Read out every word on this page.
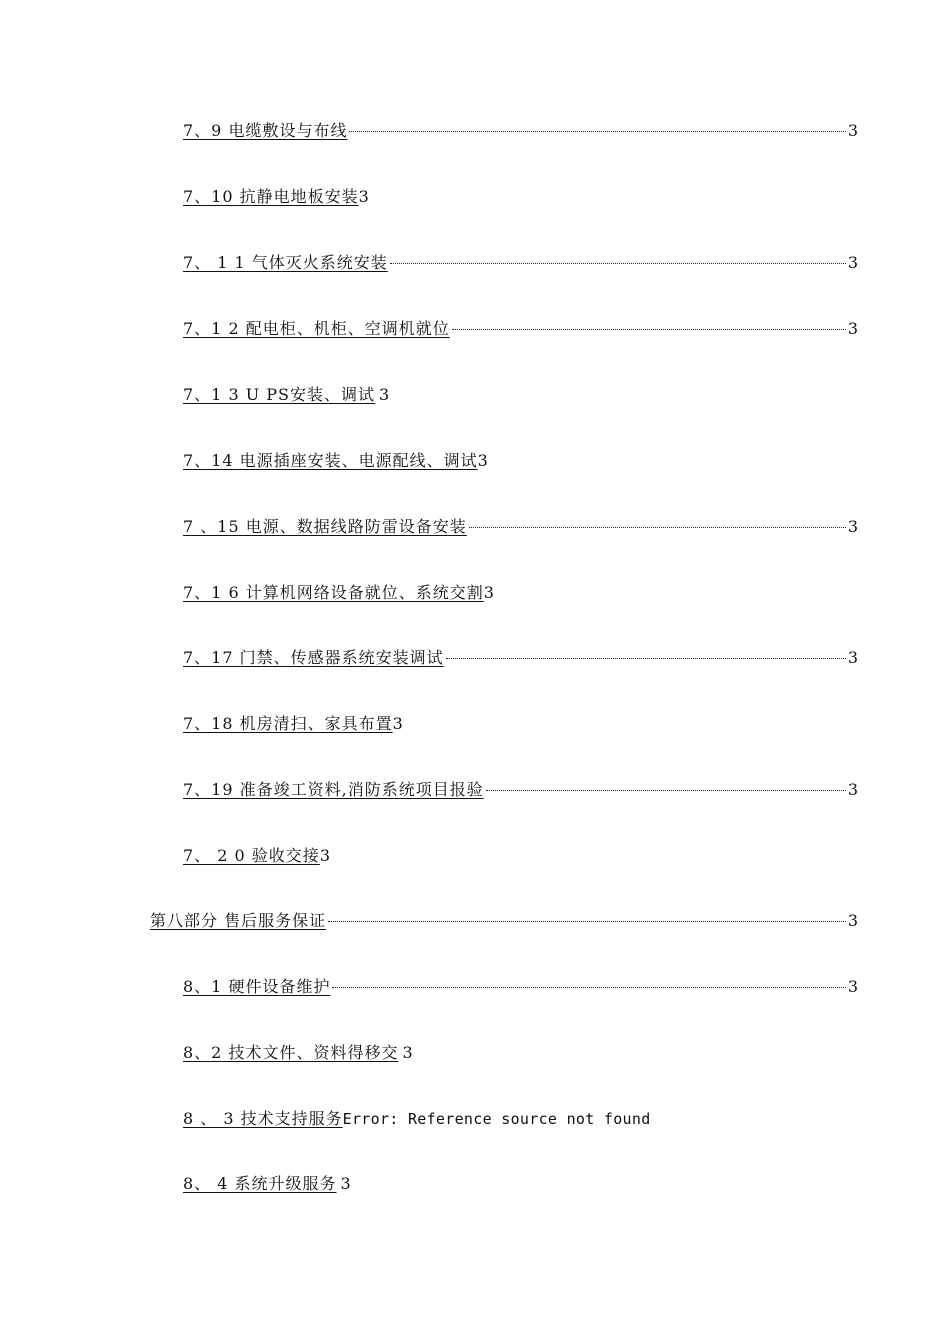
7、9 电缆敷设与布线	3
7、10 抗静电地板安装 3
7、 1 1 气体灭火系统安装	3
7、1 2 配电柜、机柜、空调机就位	3
7、1 3 U PS安装、调试 3
7、14 电源插座安装、电源配线、调试 3
7 、15 电源、数据线路防雷设备安装	3
7、1 6 计算机网络设备就位、系统交割 3
7、17 门禁、传感器系统安装调试	3
7、18 机房清扫、家具布置 3
7、19 准备竣工资料,消防系统项目报验	3
7、 2 0 验收交接 3
第八部分 售后服务保证	3
8、1 硬件设备维护	3
8、2 技术文件、资料得移交 3
8 、 3 技术支持服务 Error: Reference source not found
8、 4 系统升级服务 3
